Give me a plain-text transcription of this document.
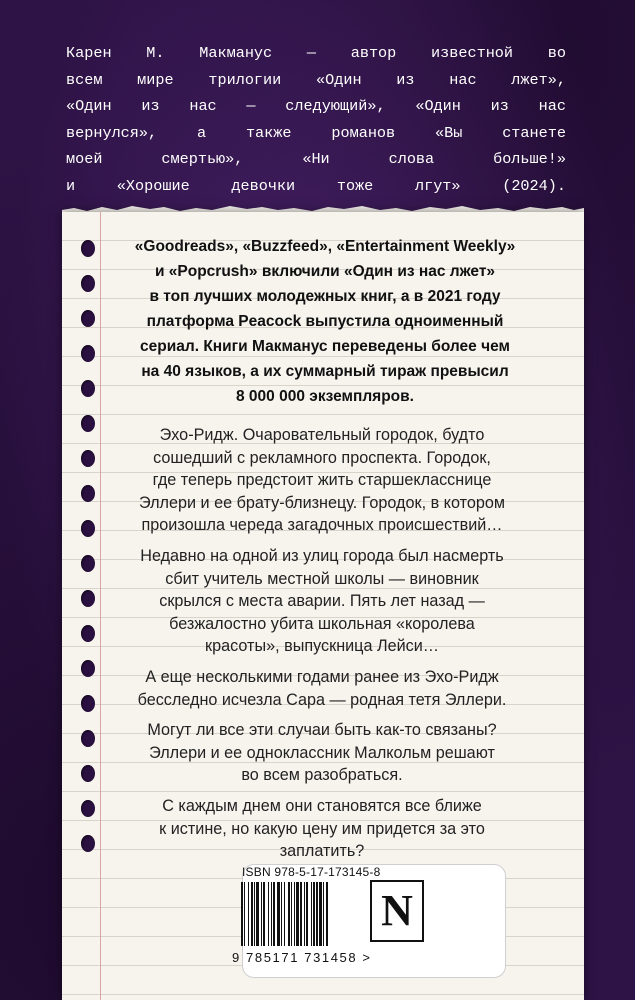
Карен М. Макманус — автор известной во
всем мире трилогии «Один из нас лжет»,
«Один из нас — следующий», «Один из нас
вернулся», а также романов «Вы станете
моей смертью», «Ни слова больше!»
и «Хорошие девочки тоже лгут» (2024).
«Goodreads», «Buzzfeed», «Entertainment Weekly»
и «Popcrush» включили «Один из нас лжет»
в топ лучших молодежных книг, а в 2021 году
платформа Peacock выпустила одноименный
сериал. Книги Макманус переведены более чем
на 40 языков, а их суммарный тираж превысил
8 000 000 экземпляров.

Эхо-Ридж. Очаровательный городок, будто
сошедший с рекламного проспекта. Городок,
где теперь предстоит жить старшекласснице
Эллери и ее брату-близнецу. Городок, в котором
произошла череда загадочных происшествий…

Недавно на одной из улиц города был насмерть
сбит учитель местной школы — виновник
скрылся с места аварии. Пять лет назад —
безжалостно убита школьная «королева
красоты», выпускница Лейси…

А еще несколькими годами ранее из Эхо-Ридж
бесследно исчезла Сара — родная тетя Эллери.

Могут ли все эти случаи быть как-то связаны?
Эллери и ее одноклассник Малкольм решают
во всем разобраться.

С каждым днем они становятся все ближе
к истине, но какую цену им придется за это
заплатить?

ISBN 978-5-17-173145-8
9 785171 731458 >
N
